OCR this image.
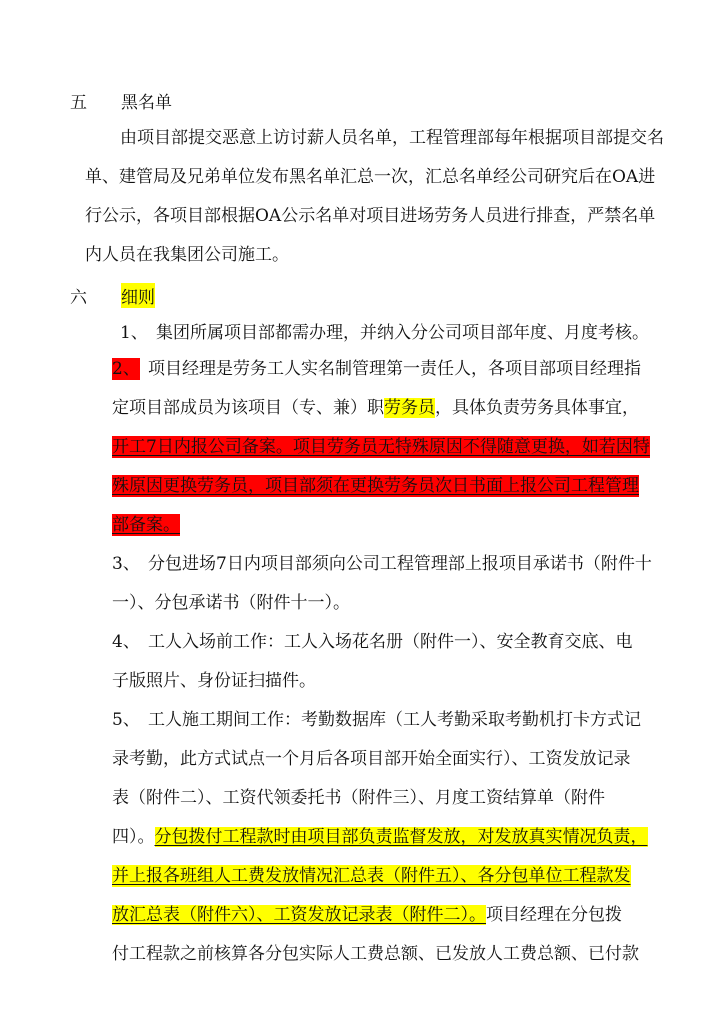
五 黑名单
由项目部提交恶意上访讨薪人员名单，工程管理部每年根据项目部提交名
单、建管局及兄弟单位发布黑名单汇总一次，汇总名单经公司研究后在OA进
行公示，各项目部根据OA公示名单对项目进场劳务人员进行排查，严禁名单
内人员在我集团公司施工。
六 细则
1、 集团所属项目部都需办理，并纳入分公司项目部年度、月度考核。
2、 项目经理是劳务工人实名制管理第一责任人，各项目部项目经理指
定项目部成员为该项目（专、兼）职劳务员，具体负责劳务具体事宜，
开工7日内报公司备案。项目劳务员无特殊原因不得随意更换，如若因特
殊原因更换劳务员，项目部须在更换劳务员次日书面上报公司工程管理
部备案。
3、 分包进场7日内项目部须向公司工程管理部上报项目承诺书（附件十
一）、分包承诺书（附件十一）。
4、 工人入场前工作：工人入场花名册（附件一）、安全教育交底、电
子版照片、身份证扫描件。
5、 工人施工期间工作：考勤数据库（工人考勤采取考勤机打卡方式记
录考勤，此方式试点一个月后各项目部开始全面实行）、工资发放记录
表（附件二）、工资代领委托书（附件三）、月度工资结算单（附件
四）。分包拨付工程款时由项目部负责监督发放，对发放真实情况负责，
并上报各班组人工费发放情况汇总表（附件五）、各分包单位工程款发
放汇总表（附件六）、工资发放记录表（附件二）。项目经理在分包拨
付工程款之前核算各分包实际人工费总额、已发放人工费总额、已付款
